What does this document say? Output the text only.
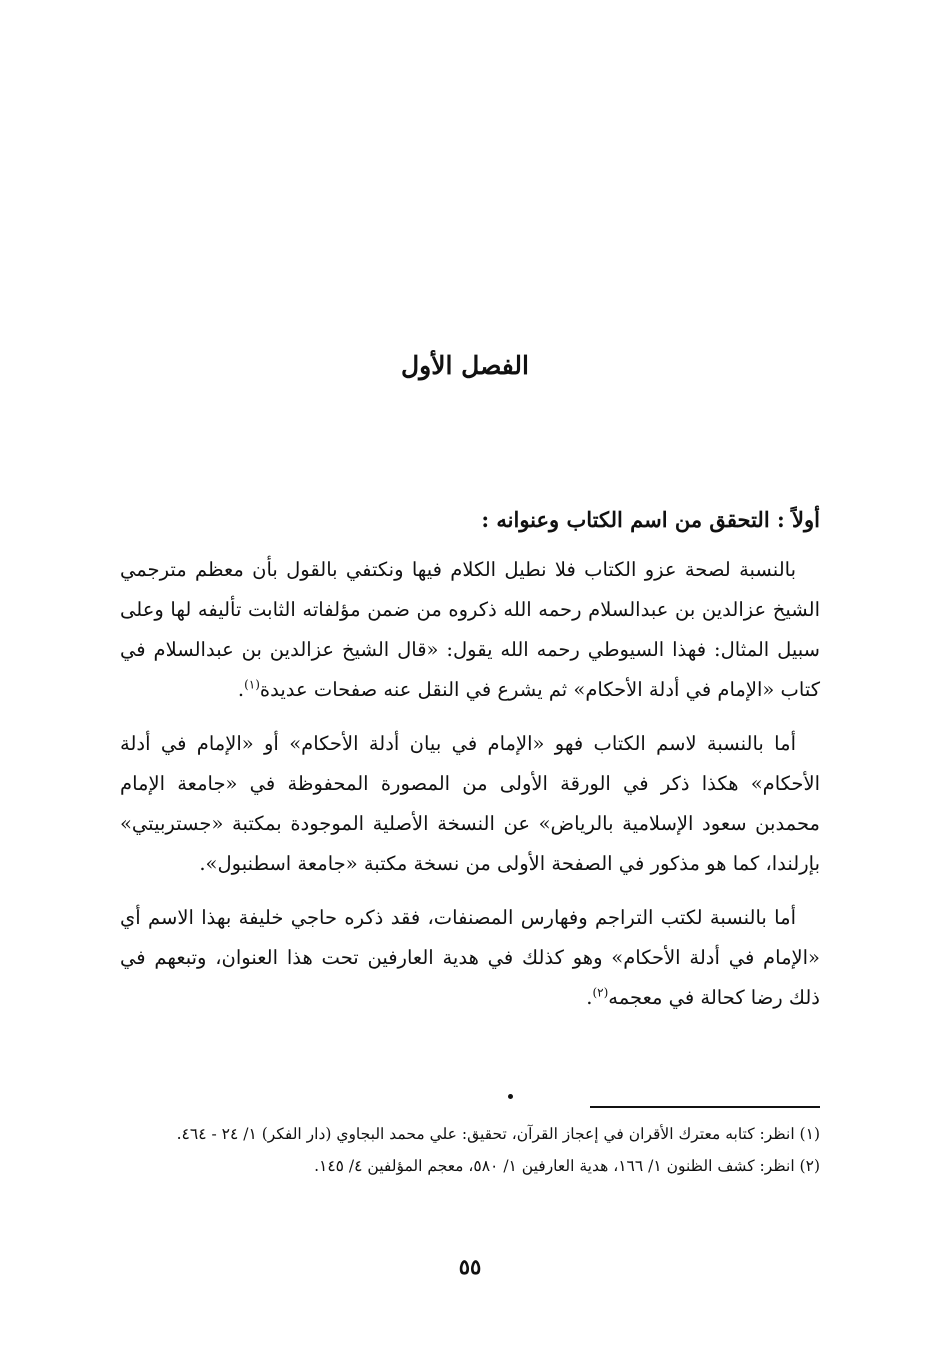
الفصل الأول
أولاً : التحقق من اسم الكتاب وعنوانه :

بالنسبة لصحة عزو الكتاب فلا نطيل الكلام فيها ونكتفي بالقول بأن معظم مترجمي الشيخ عزالدين بن عبدالسلام رحمه الله ذكروه من ضمن مؤلفاته الثابت تأليفه لها وعلى سبيل المثال: فهذا السيوطي رحمه الله يقول: «قال الشيخ عزالدين بن عبدالسلام في كتاب «الإمام في أدلة الأحكام» ثم يشرع في النقل عنه صفحات عديدة$^{(١)}$.

أما بالنسبة لاسم الكتاب فهو «الإمام في بيان أدلة الأحكام» أو «الإمام في أدلة الأحكام» هكذا ذكر في الورقة الأولى من المصورة المحفوظة في «جامعة الإمام محمدبن سعود الإسلامية بالرياض» عن النسخة الأصلية الموجودة بمكتبة «جستربيتي» بإرلندا، كما هو مذكور في الصفحة الأولى من نسخة مكتبة «جامعة اسطنبول».

أما بالنسبة لكتب التراجم وفهارس المصنفات، فقد ذكره حاجي خليفة بهذا الاسم أي «الإمام في أدلة الأحكام» وهو كذلك في هدية العارفين تحت هذا العنوان، وتبعهم في ذلك رضا كحالة في معجمه$^{(٢)}$.

(١) انظر: كتابه معترك الأقران في إعجاز القرآن، تحقيق: علي محمد البجاوي (دار الفكر) ١/ ٢٤ - ٤٦٤.

(٢) انظر: كشف الظنون ١/ ١٦٦، هدية العارفين ١/ ٥٨٠، معجم المؤلفين ٤/ ١٤٥.

٥٥
